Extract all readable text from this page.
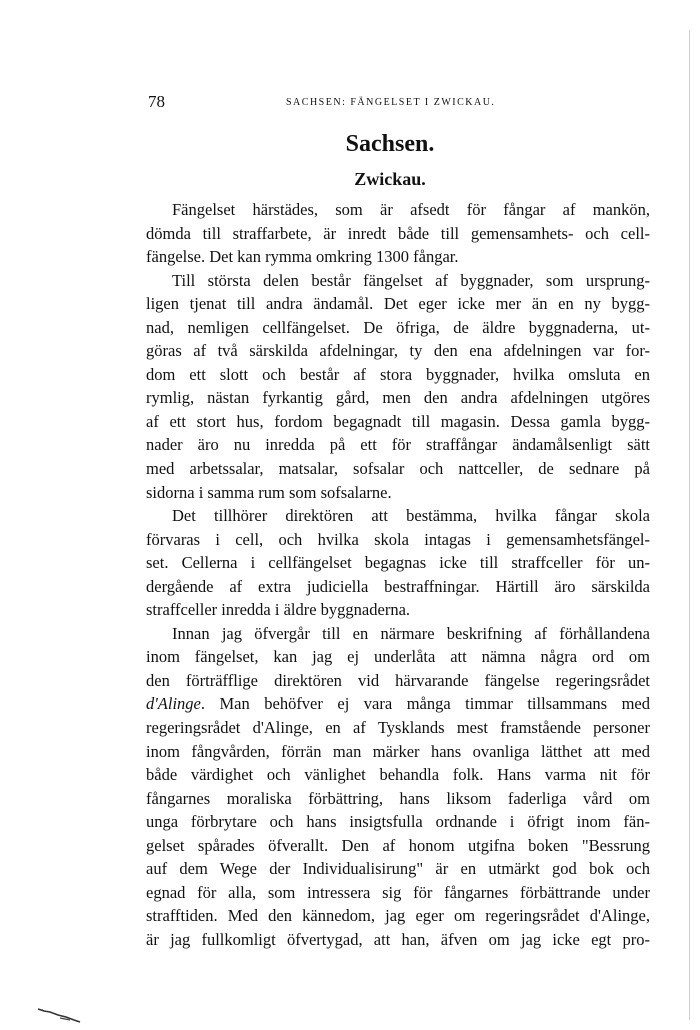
78	SACHSEN: FÄNGELSET I ZWICKAU.
Sachsen.
Zwickau.
Fängelset härstädes, som är afsedt för fångar af mankön,
dömda till straffarbete, är inredt både till gemensamhets- och cell-
fängelse. Det kan rymma omkring 1300 fångar.
Till största delen består fängelset af byggnader, som ursprung-
ligen tjenat till andra ändamål. Det eger icke mer än en ny bygg-
nad, nemligen cellfängelset. De öfriga, de äldre byggnaderna, ut-
göras af två särskilda afdelningar, ty den ena afdelningen var for-
dom ett slott och består af stora byggnader, hvilka omsluta en
rymlig, nästan fyrkantig gård, men den andra afdelningen utgöres
af ett stort hus, fordom begagnadt till magasin. Dessa gamla bygg-
nader äro nu inredda på ett för straffångar ändamålsenligt sätt
med arbetssalar, matsalar, sofsalar och nattceller, de sednare på
sidorna i samma rum som sofsalarne.
Det tillhörer direktören att bestämma, hvilka fångar skola
förvaras i cell, och hvilka skola intagas i gemensamhetsfängel-
set. Cellerna i cellfängelset begagnas icke till straffceller för un-
dergående af extra judiciella bestraffningar. Härtill äro särskilda
straffceller inredda i äldre byggnaderna.
Innan jag öfvergår till en närmare beskrifning af förhållandena
inom fängelset, kan jag ej underlåta att nämna några ord om
den förträfflige direktören vid härvarande fängelse regeringsrådet
d'Alinge. Man behöfver ej vara många timmar tillsammans med
regeringsrådet d'Alinge, en af Tysklands mest framstående personer
inom fångvården, förrän man märker hans ovanliga lätthet att med
både värdighet och vänlighet behandla folk. Hans varma nit för
fångarnes moraliska förbättring, hans liksom faderliga vård om
unga förbrytare och hans insigtsfulla ordnande i öfrigt inom fän-
gelset spårades öfverallt. Den af honom utgifna boken "Bessrung
auf dem Wege der Individualisirung" är en utmärkt god bok och
egnad för alla, som intressera sig för fångarnes förbättrande under
strafftiden. Med den kännedom, jag eger om regeringsrådet d'Alinge,
är jag fullkomligt öfvertygad, att han, äfven om jag icke egt pro-
